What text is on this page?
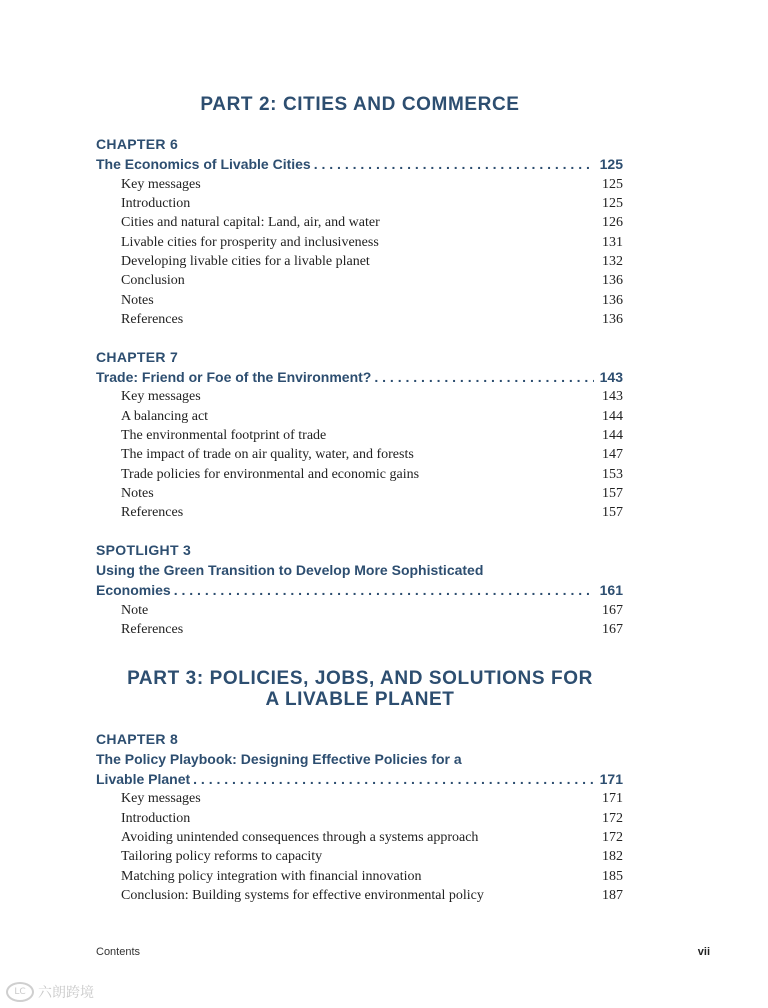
PART 2: CITIES AND COMMERCE
CHAPTER 6
The Economics of Livable Cities . . .	125
Key messages	125
Introduction	125
Cities and natural capital: Land, air, and water	126
Livable cities for prosperity and inclusiveness	131
Developing livable cities for a livable planet	132
Conclusion	136
Notes	136
References	136
CHAPTER 7
Trade: Friend or Foe of the Environment? . . .	143
Key messages	143
A balancing act	144
The environmental footprint of trade	144
The impact of trade on air quality, water, and forests	147
Trade policies for environmental and economic gains	153
Notes	157
References	157
SPOTLIGHT 3
Using the Green Transition to Develop More Sophisticated
Economies . . .	161
Note	167
References	167
PART 3: POLICIES, JOBS, AND SOLUTIONS FOR
A LIVABLE PLANET
CHAPTER 8
The Policy Playbook: Designing Effective Policies for a
Livable Planet . . .	171
Key messages	171
Introduction	172
Avoiding unintended consequences through a systems approach	172
Tailoring policy reforms to capacity	182
Matching policy integration with financial innovation	185
Conclusion: Building systems for effective environmental policy	187
Contents	vii
LC 六朗跨境
